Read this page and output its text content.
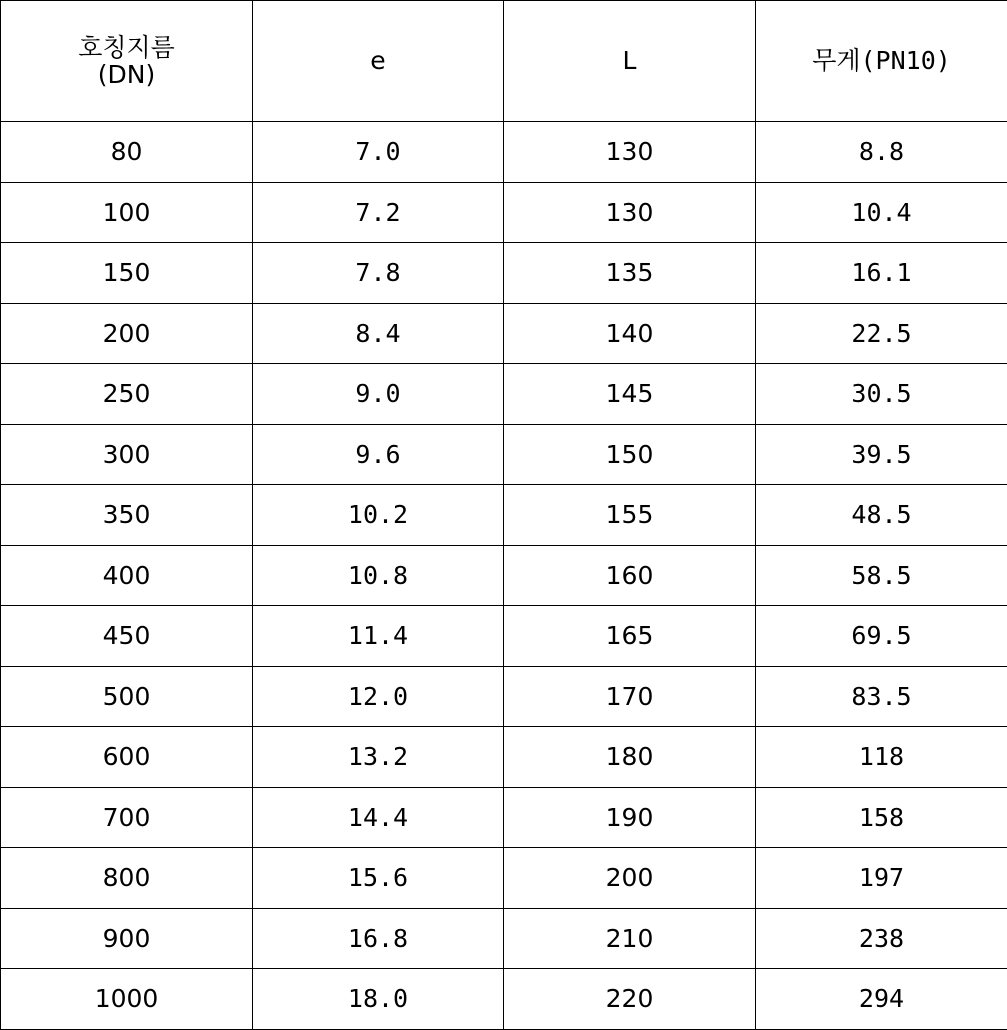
호칭지름
(DN)	e	L	무게(PN10)

80	7.0	130	8.8
100	7.2	130	10.4
150	7.8	135	16.1
200	8.4	140	22.5
250	9.0	145	30.5
300	9.6	150	39.5
350	10.2	155	48.5
400	10.8	160	58.5
450	11.4	165	69.5
500	12.0	170	83.5
600	13.2	180	118
700	14.4	190	158
800	15.6	200	197
900	16.8	210	238
1000	18.0	220	294
